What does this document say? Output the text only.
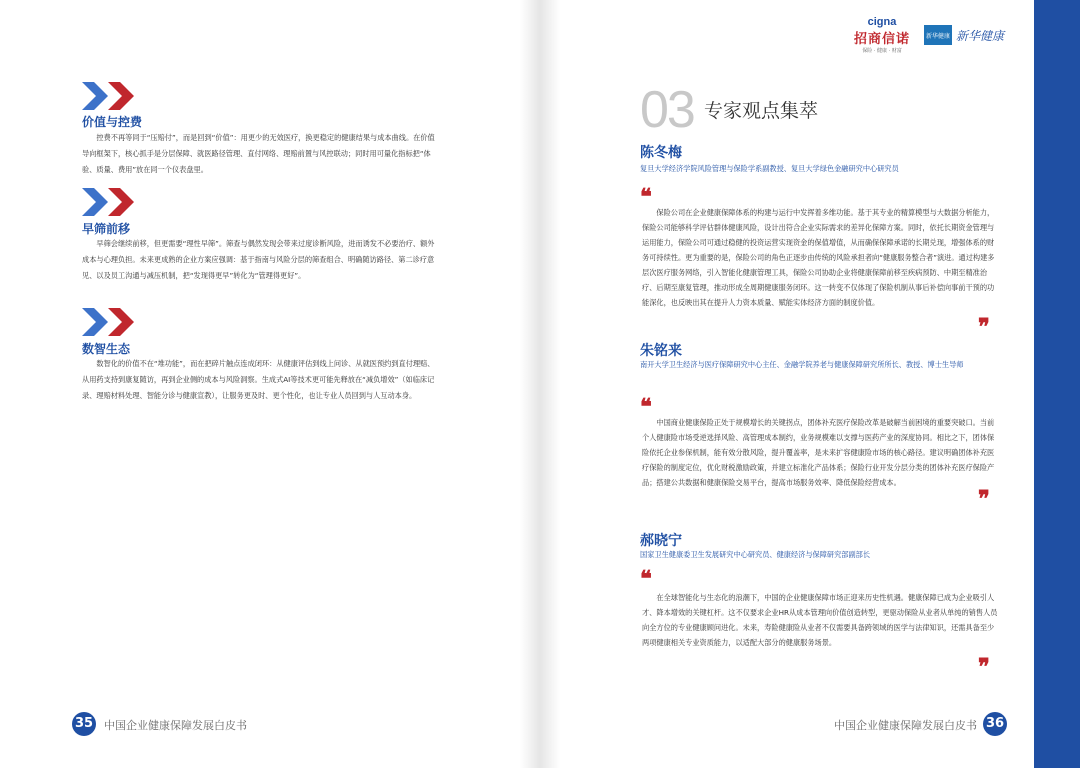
价值与控费

控费不再等同于“压赔付”，而是回到“价值”：用更少的无效医疗，换更稳定的健康结果与成本曲线。在价值导向框架下，核心抓手是分层保障、就医路径管理、直付网络、理赔前置与风控联动；同时用可量化指标把“体验、质量、费用”放在同一个仪表盘里。

早筛前移

早筛会继续前移，但更需要“理性早筛”。筛查与偶然发现会带来过度诊断风险，进而诱发不必要治疗、额外成本与心理负担。未来更成熟的企业方案应强调：基于指南与风险分层的筛查组合、明确随访路径、第二诊疗意见、以及员工沟通与减压机制，把“发现得更早”转化为“管理得更好”。

数智生态

数智化的价值不在“堆功能”，而在把碎片触点连成闭环：从健康评估到线上问诊、从就医预约到直付理赔、从用药支持到康复随访，再到企业侧的成本与风险洞察。生成式AI等技术更可能先释放在“减负增效”（如临床记录、理赔材料处理、智能分诊与健康宣教），让服务更及时、更个性化，也让专业人员回到与人互动本身。

35 中国企业健康保障发展白皮书
cigna
招商信诺
保险 · 健康 · 财富
新华健康 新华健康
03 专家观点集萃
陈冬梅
复旦大学经济学院风险管理与保险学系副教授、复旦大学绿色金融研究中心研究员
❝

保险公司在企业健康保障体系的构建与运行中发挥着多维功能。基于其专业的精算模型与大数据分析能力，保险公司能够科学评估群体健康风险，设计出符合企业实际需求的差异化保障方案。同时，依托长期资金管理与运用能力，保险公司可通过稳健的投资运营实现资金的保值增值，从而确保保障承诺的长期兑现，增强体系的财务可持续性。更为重要的是，保险公司的角色正逐步由传统的风险承担者向“健康服务整合者”演进。通过构建多层次医疗服务网络，引入智能化健康管理工具，保险公司协助企业将健康保障前移至疾病预防、中期至精准治疗、后期至康复管理，推动形成全周期健康服务闭环。这一转变不仅体现了保险机制从事后补偿向事前干预的功能深化，也反映出其在提升人力资本质量、赋能实体经济方面的制度价值。

❞
朱铭来
南开大学卫生经济与医疗保障研究中心主任、金融学院养老与健康保障研究所所长、教授、博士生导师
❝

中国商业健康保险正处于规模增长的关键拐点，团体补充医疗保险改革是破解当前困境的重要突破口。当前个人健康险市场受逆选择风险、高管理成本制约，业务规模难以支撑与医药产业的深度协同。相比之下，团体保险依托企业参保机制，能有效分散风险，提升覆盖率，是未来扩容健康险市场的核心路径。建议明确团体补充医疗保险的制度定位，优化财税激励政策，并建立标准化产品体系；保险行业开发分层分类的团体补充医疗保险产品；搭建公共数据和健康保险交易平台，提高市场服务效率、降低保险经营成本。

❞
郝晓宁
国家卫生健康委卫生发展研究中心研究员、健康经济与保障研究部副部长
❝

在全球智能化与生态化的浪潮下，中国的企业健康保障市场正迎来历史性机遇。健康保障已成为企业吸引人才、降本增效的关键杠杆。这不仅要求企业HR从成本管理向价值创造转型，更驱动保险从业者从单纯的销售人员向全方位的专业健康顾问进化。未来，寿险健康险从业者不仅需要具备跨领域的医学与法律知识，还需具备至少两项健康相关专业资质能力，以适配大部分的健康服务场景。

❞
中国企业健康保障发展白皮书 36
